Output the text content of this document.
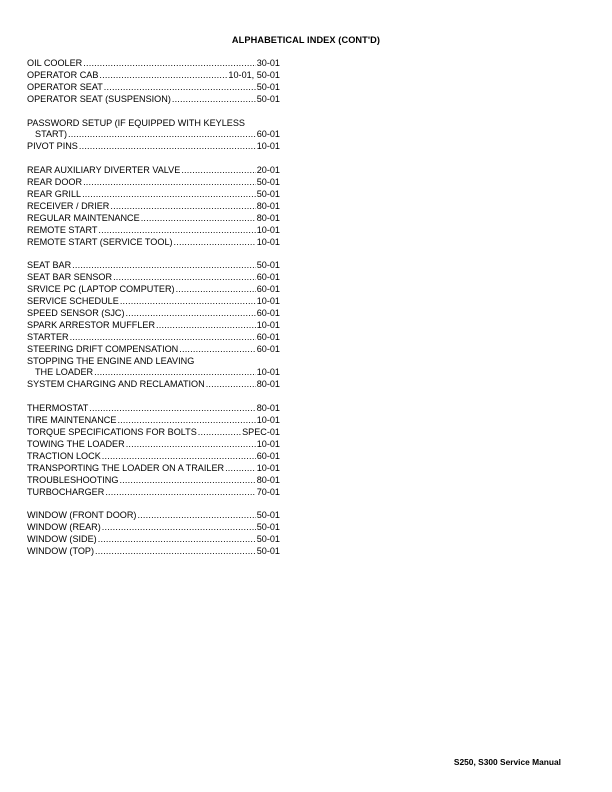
ALPHABETICAL INDEX (CONT'D)
OIL COOLER .....	30-01
OPERATOR CAB .....	10-01, 50-01
OPERATOR SEAT .....	50-01
OPERATOR SEAT (SUSPENSION) .....	50-01
PASSWORD SETUP (IF EQUIPPED WITH KEYLESS
START) .....	60-01
PIVOT PINS .....	10-01
REAR AUXILIARY DIVERTER VALVE .....	20-01
REAR DOOR .....	50-01
REAR GRILL .....	50-01
RECEIVER / DRIER .....	80-01
REGULAR MAINTENANCE .....	80-01
REMOTE START .....	10-01
REMOTE START (SERVICE TOOL) .....	10-01
SEAT BAR .....	50-01
SEAT BAR SENSOR .....	60-01
SRVICE PC (LAPTOP COMPUTER) .....	60-01
SERVICE SCHEDULE .....	10-01
SPEED SENSOR (SJC) .....	60-01
SPARK ARRESTOR MUFFLER .....	10-01
STARTER .....	60-01
STEERING DRIFT COMPENSATION .....	60-01
STOPPING THE ENGINE AND LEAVING
THE LOADER .....	10-01
SYSTEM CHARGING AND RECLAMATION .....	80-01
THERMOSTAT .....	80-01
TIRE MAINTENANCE .....	10-01
TORQUE SPECIFICATIONS FOR BOLTS .....	SPEC-01
TOWING THE LOADER .....	10-01
TRACTION LOCK .....	60-01
TRANSPORTING THE LOADER ON A TRAILER .....	10-01
TROUBLESHOOTING .....	80-01
TURBOCHARGER .....	70-01
WINDOW (FRONT DOOR) .....	50-01
WINDOW (REAR) .....	50-01
WINDOW (SIDE) .....	50-01
WINDOW (TOP) .....	50-01
S250, S300 Service Manual
